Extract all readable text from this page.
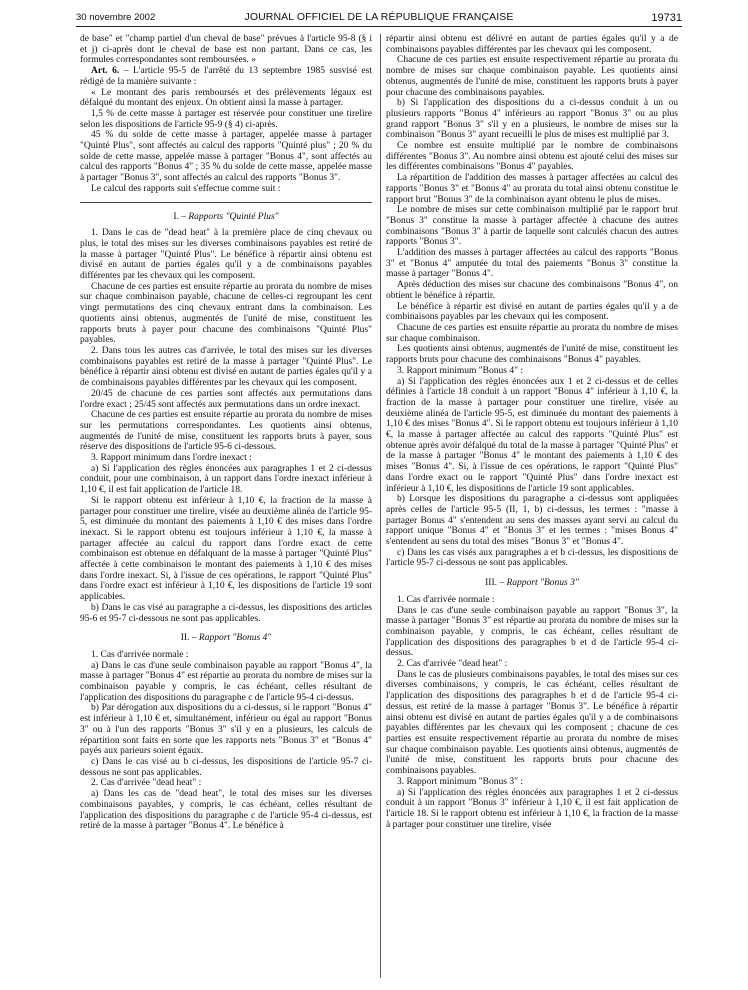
30 novembre 2002	JOURNAL OFFICIEL DE LA RÉPUBLIQUE FRANÇAISE	19731

de base" et "champ partiel d'un cheval de base" prévues à l'article 95-8 (§ i et j) ci-après dont le cheval de base est non partant. Dans ce cas, les formules correspondantes sont remboursées. »

Art. 6. – L'article 95-5 de l'arrêté du 13 septembre 1985 susvisé est rédigé de la manière suivante :

« Le montant des paris remboursés et des prélèvements légaux est défalqué du montant des enjeux. On obtient ainsi la masse à partager.

1,5 % de cette masse à partager est réservée pour constituer une tirelire selon les dispositions de l'article 95-9 (§ 4) ci-après.

45 % du solde de cette masse à partager, appelée masse à partager "Quinté Plus", sont affectés au calcul des rapports "Quinté plus" ; 20 % du solde de cette masse, appelée masse à partager "Bonus 4", sont affectés au calcul des rapports "Bonus 4" ; 35 % du solde de cette masse, appelée masse à partager "Bonus 3", sont affectés au calcul des rapports "Bonus 3".

Le calcul des rapports suit s'effectue comme suit :

I. – Rapports "Quinté Plus"

1. Dans le cas de "dead heat" à la première place de cinq chevaux ou plus, le total des mises sur les diverses combinaisons payables est retiré de la masse à partager "Quinté Plus". Le bénéfice à répartir ainsi obtenu est divisé en autant de parties égales qu'il y a de combinaisons payables différentes par les chevaux qui les composent.

Chacune de ces parties est ensuite répartie au prorata du nombre de mises sur chaque combinaison payable, chacune de celles-ci regroupant les cent vingt permutations des cinq chevaux entrant dans la combinaison. Les quotients ainsi obtenus, augmentés de l'unité de mise, constituent les rapports bruts à payer pour chacune des combinaisons "Quinté Plus" payables.

2. Dans tous les autres cas d'arrivée, le total des mises sur les diverses combinaisons payables est retiré de la masse à partager "Quinté Plus". Le bénéfice à répartir ainsi obtenu est divisé en autant de parties égales qu'il y a de combinaisons payables différentes par les chevaux qui les composent.

20/45 de chacune de ces parties sont affectés aux permutations dans l'ordre exact ; 25/45 sont affectés aux permutations dans un ordre inexact.

Chacune de ces parties est ensuite répartie au prorata du nombre de mises sur les permutations correspondantes. Les quotients ainsi obtenus, augmentés de l'unité de mise, constituent les rapports bruts à payer, sous réserve des dispositions de l'article 95-6 ci-dessous.

3. Rapport minimum dans l'ordre inexact :

a) Si l'application des règles énoncées aux paragraphes 1 et 2 ci-dessus conduit, pour une combinaison, à un rapport dans l'ordre inexact inférieur à 1,10 €, il est fait application de l'article 18.

Si le rapport obtenu est inférieur à 1,10 €, la fraction de la masse à partager pour constituer une tirelire, visée au deuxième alinéa de l'article 95-5, est diminuée du montant des paiements à 1,10 € des mises dans l'ordre inexact. Si le rapport obtenu est toujours inférieur à 1,10 €, la masse à partager affectée au calcul du rapport dans l'ordre exact de cette combinaison est obtenue en défalquant de la masse à partager "Quinté Plus" affectée à cette combinaison le montant des paiements à 1,10 € des mises dans l'ordre inexact. Si, à l'issue de ces opérations, le rapport "Quinté Plus" dans l'ordre exact est inférieur à 1,10 €, les dispositions de l'article 19 sont applicables.

b) Dans le cas visé au paragraphe a ci-dessus, les dispositions des articles 95-6 et 95-7 ci-dessous ne sont pas applicables.

II. – Rapport "Bonus 4"

1. Cas d'arrivée normale :

a) Dans le cas d'une seule combinaison payable au rapport "Bonus 4", la masse à partager "Bonus 4" est répartie au prorata du nombre de mises sur la combinaison payable y compris, le cas échéant, celles résultant de l'application des dispositions du paragraphe c de l'article 95-4 ci-dessus.

b) Par dérogation aux dispositions du a ci-dessus, si le rapport "Bonus 4" est inférieur à 1,10 € et, simultanément, inférieur ou égal au rapport "Bonus 3" ou à l'un des rapports "Bonus 3" s'il y en a plusieurs, les calculs de répartition sont faits en sorte que les rapports nets "Bonus 3" et "Bonus 4" payés aux parieurs soient égaux.

c) Dans le cas visé au b ci-dessus, les dispositions de l'article 95-7 ci-dessous ne sont pas applicables.

2. Cas d'arrivée "dead heat" :

a) Dans les cas de "dead heat", le total des mises sur les diverses combinaisons payables, y compris, le cas échéant, celles résultant de l'application des dispositions du paragraphe c de l'article 95-4 ci-dessus, est retiré de la masse à partager "Bonus 4". Le bénéfice à

répartir ainsi obtenu est délivré en autant de parties égales qu'il y a de combinaisons payables différentes par les chevaux qui les composent.

Chacune de ces parties est ensuite respectivement répartie au prorata du nombre de mises sur chaque combinaison payable. Les quotients ainsi obtenus, augmentés de l'unité de mise, constituent les rapports bruts à payer pour chacune des combinaisons payables.

b) Si l'application des dispositions du a ci-dessus conduit à un ou plusieurs rapports "Bonus 4" inférieurs au rapport "Bonus 3" ou au plus grand rapport "Bonus 3" s'il y en a plusieurs, le nombre de mises sur la combinaison "Bonus 3" ayant recueilli le plus de mises est multiplié par 3.

Ce nombre est ensuite multiplié par le nombre de combinaisons différentes "Bonus 3". Au nombre ainsi obtenu est ajouté celui des mises sur les différentes combinaisons "Bonus 4" payables.

La répartition de l'addition des masses à partager affectées au calcul des rapports "Bonus 3" et "Bonus 4" au prorata du total ainsi obtenu constitue le rapport brut "Bonus 3" de la combinaison ayant obtenu le plus de mises.

Le nombre de mises sur cette combinaison multiplié par le rapport brut "Bonus 3" constitue la masse à partager affectée à chacune des autres combinaisons "Bonus 3" à partir de laquelle sont calculés chacun des autres rapports "Bonus 3".

L'addition des masses à partager affectées au calcul des rapports "Bonus 3" et "Bonus 4" amputée du total des paiements "Bonus 3" constitue la masse à partager "Bonus 4".

Après déduction des mises sur chacune des combinaisons "Bonus 4", on obtient le bénéfice à répartir.

Le bénéfice à répartir est divisé en autant de parties égales qu'il y a de combinaisons payables par les chevaux qui les composent.

Chacune de ces parties est ensuite répartie au prorata du nombre de mises sur chaque combinaison.

Les quotients ainsi obtenus, augmentés de l'unité de mise, constituent les rapports bruts pour chacune des combinaisons "Bonus 4" payables.

3. Rapport minimum "Bonus 4" :

a) Si l'application des règles énoncées aux 1 et 2 ci-dessus et de celles définies à l'article 18 conduit à un rapport "Bonus 4" inférieur à 1,10 €, la fraction de la masse à partager pour constituer une tirelire, visée au deuxième alinéa de l'article 95-5, est diminuée du montant des paiements à 1,10 € des mises "Bonus 4". Si le rapport obtenu est toujours inférieur à 1,10 €, la masse à partager affectée au calcul des rapports "Quinté Plus" est obtenue après avoir défalqué du total de la masse à partager "Quinté Plus" et de la masse à partager "Bonus 4" le montant des paiements à 1,10 € des mises "Bonus 4". Si, à l'issue de ces opérations, le rapport "Quinté Plus" dans l'ordre exact ou le rapport "Quinté Plus" dans l'ordre inexact est inférieur à 1,10 €, les dispositions de l'article 19 sont applicables.

b) Lorsque les dispositions du paragraphe a ci-dessus sont appliquées après celles de l'article 95-5 (II, 1, b) ci-dessus, les termes : "masse à partager Bonus 4" s'entendent au sens des masses ayant servi au calcul du rapport unique "Bonus 4" et "Bonus 3" et les termes : "mises Bonus 4" s'entendent au sens du total des mises "Bonus 3" et "Bonus 4".

c) Dans les cas visés aux paragraphes a et b ci-dessus, les dispositions de l'article 95-7 ci-dessous ne sont pas applicables.

III. – Rapport "Bonus 3"

1. Cas d'arrivée normale :

Dans le cas d'une seule combinaison payable au rapport "Bonus 3", la masse à partager "Bonus 3" est répartie au prorata du nombre de mises sur la combinaison payable, y compris, le cas échéant, celles résultant de l'application des dispositions des paragraphes b et d de l'article 95-4 ci-dessus.

2. Cas d'arrivée "dead heat" :

Dans le cas de plusieurs combinaisons payables, le total des mises sur ces diverses combinaisons, y compris, le cas échéant, celles résultant de l'application des dispositions des paragraphes b et d de l'article 95-4 ci-dessus, est retiré de la masse à partager "Bonus 3". Le bénéfice à répartir ainsi obtenu est divisé en autant de parties égales qu'il y a de combinaisons payables différentes par les chevaux qui les composent ; chacune de ces parties est ensuite respectivement répartie au prorata du nombre de mises sur chaque combinaison payable. Les quotients ainsi obtenus, augmentés de l'unité de mise, constituent les rapports bruts pour chacune des combinaisons payables.

3. Rapport minimum "Bonus 3" :

a) Si l'application des règles énoncées aux paragraphes 1 et 2 ci-dessus conduit à un rapport "Bonus 3" inférieur à 1,10 €, il est fait application de l'article 18. Si le rapport obtenu est inférieur à 1,10 €, la fraction de la masse à partager pour constituer une tirelire, visée
